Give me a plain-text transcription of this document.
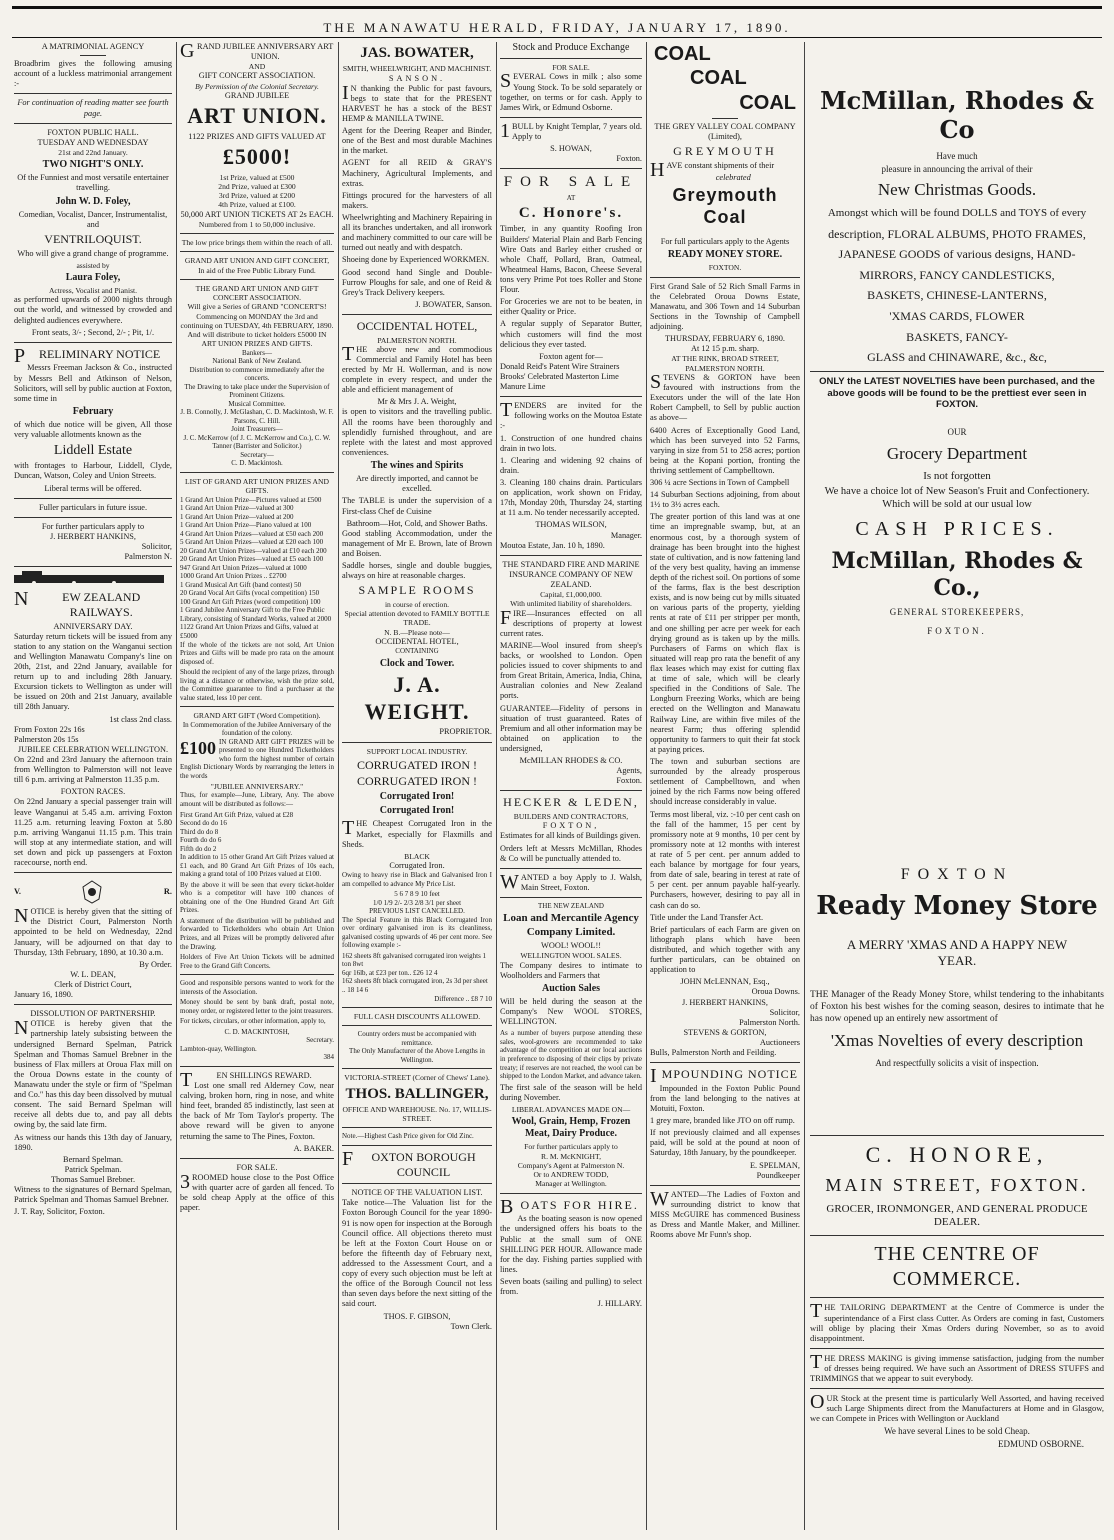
THE MANAWATU HERALD, FRIDAY, JANUARY 17, 1890.
A MATRIMONIAL AGENCY

Broadbrim gives the following amusing account of a luckless matrimonial arrangement :-

For continuation of reading matter see fourth page.

FOXTON PUBLIC HALL.
TUESDAY AND WEDNESDAY
21st and 22nd January.
TWO NIGHT'S ONLY.

Of the Funniest and most versatile entertainer travelling.

John W. D. Foley,

Comedian, Vocalist, Dancer, Instrumentalist, and

VENTRILOQUIST.

Who will give a grand change of programme.

assisted by
Laura Foley,
Actress, Vocalist and Pianist.

as performed upwards of 2000 nights through out the world, and witnessed by crowded and delighted audiences everywhere.

Front seats, 3/- ; Second, 2/- ; Pit, 1/.
PRELIMINARY NOTICE

Messrs Freeman Jackson & Co., instructed by Messrs Bell and Atkinson of Nelson, Solicitors, will sell by public auction at Foxton, some time in

February

of which due notice will be given, All those very valuable allotments known as the

Liddell Estate

with frontages to Harbour, Liddell, Clyde, Duncan, Watson, Coley and Union Streets.

Liberal terms will be offered.
Fuller particulars in future issue.
For further particulars apply to
J. HERBERT HANKINS,
Solicitor,
Palmerston N.
NEW ZEALAND RAILWAYS.
ANNIVERSARY DAY.

Saturday return tickets will be issued from any station to any station on the Wanganui section and Wellington Manawatu Company's line on 20th, 21st, and 22nd January, available for return up to and including 28th January. Excursion tickets to Wellington as under will be issued on 20th and 21st January, available till 28th January.

1st class 2nd class.
From Foxton 22s 16s
Palmerston 20s 15s
JUBILEE CELEBRATION WELLINGTON.

On 22nd and 23rd January the afternoon train from Wellington to Palmerston will not leave till 6 p.m. arriving at Palmerston 11.35 p.m.

FOXTON RACES.

On 22nd January a special passenger train will leave Wanganui at 5.45 a.m. arriving Foxton 11.25 a.m. returning leaving Foxton at 5.80 p.m. arriving Wanganui 11.15 p.m. This train will stop at any intermediate station, and will set down and pick up passengers at Foxton racecourse, north end.

V.	R.

NOTICE is hereby given that the sitting of the District Court, Palmerston North appointed to be held on Wednesday, 22nd January, will be adjourned on that day to Thursday, 13th February, 1890, at 10.30 a.m.

By Order.
W. L. DEAN,
Clerk of District Court,
January 16, 1890.
DISSOLUTION OF PARTNERSHIP.

NOTICE is hereby given that the partnership lately subsisting between the undersigned Bernard Spelman, Patrick Spelman and Thomas Samuel Brebner in the business of Flax millers at Oroua Flax mill on the Oroua Downs estate in the county of Manawatu under the style or firm of "Spelman and Co." has this day been dissolved by mutual consent. The said Bernard Spelman will receive all debts due to, and pay all debts owing by, the said late firm.

As witness our hands this 13th day of January, 1890.

Bernard Spelman.
Patrick Spelman.
Thomas Samuel Brebner.

Witness to the signatures of Bernard Spelman, Patrick Spelman and Thomas Samuel Brebner.

J. T. Ray, Solicitor, Foxton.
GRAND JUBILEE ANNIVERSARY ART UNION.
AND
GIFT CONCERT ASSOCIATION.
By Permission of the Colonial Secretary.
GRAND JUBILEE
ART UNION.
1122 PRIZES AND GIFTS VALUED AT
£5000!
1st Prize, valued at £500
2nd Prize, valued at £300
3rd Prize, valued at £200
4th Prize, valued at £100.
50,000 ART UNION TICKETS AT 2s EACH.
Numbered from 1 to 50,000 inclusive.
The low price brings them within the reach of all.
GRAND ART UNION AND GIFT CONCERT,
In aid of the Free Public Library Fund.
THE GRAND ART UNION AND GIFT CONCERT ASSOCIATION.
Will give a Series of GRAND "CONCERT'S!
Commencing on MONDAY the 3rd and continuing on TUESDAY, 4th FEBRUARY, 1890.
And will distribute to ticket holders £5000 IN ART UNION PRIZES AND GIFTS.
Bankers—
National Bank of New Zealand.
Distribution to commence immediately after the concerts.
The Drawing to take place under the Supervision of Prominent Citizens.
Musical Committee.
J. B. Connolly, J. McGlashan, C. D. Mackintosh, W. F. Parsons, C. Hill.
Joint Treasurers—
J. C. McKerrow (of J. C. McKerrow and Co.), C. W. Tanner (Barrister and Solicitor.)
Secretary—
C. D. Mackintosh.
LIST OF GRAND ART UNION PRIZES AND GIFTS.
1 Grand Art Union Prize—Pictures valued at £500
1 Grand Art Union Prize—valued at 300
1 Grand Art Union Prize—valued at 200
1 Grand Art Union Prize—Piano valued at 100
4 Grand Art Union Prizes—valued at £50 each 200
5 Grand Art Union Prizes—valued at £20 each 100
20 Grand Art Union Prizes—valued at £10 each 200
20 Grand Art Union Prizes—valued at £5 each 100
947 Grand Art Union Prizes—valued at 1000
1000 Grand Art Union Prizes .. £2700
1 Grand Musical Art Gift (band contest) 50
20 Grand Vocal Art Gifts (vocal competition) 150
100 Grand Art Gift Prizes (word competition) 100
1 Grand Jubilee Anniversary Gift to the Free Public Library, consisting of Standard Works, valued at 2000
1122 Grand Art Union Prizes and Gifts, valued at £5000

If the whole of the tickets are not sold, Art Union Prizes and Gifts will be made pro rata on the amount disposed of.

Should the recipient of any of the large prizes, through living at a distance or otherwise, wish the prize sold, the Committee guarantee to find a purchaser at the value stated, less 10 per cent.

GRAND ART GIFT (Word Competition).
In Commemoration of the Jubilee Anniversary of the foundation of the colony.
£100 IN GRAND ART GIFT PRIZES will be presented to one Hundred Ticketholders who form the highest number of certain English Dictionary Words by rearranging the letters in the words

"JUBILEE ANNIVERSARY."

Thus, for example—June, Library, Any. The above amount will be distributed as follows:—

First Grand Art Gift Prize, valued at £28
Second do do 16
Third do do 8
Fourth do do 6
Fifth do do 2

In addition to 15 other Grand Art Gift Prizes valued at £1 each, and 80 Grand Art Gift Prizes of 10s each, making a grand total of 100 Prizes valued at £100.

By the above it will be seen that every ticket-holder who is a competitor will have 100 chances of obtaining one of the One Hundred Grand Art Gift Prizes.

A statement of the distribution will be published and forwarded to Ticketholders who obtain Art Union Prizes, and all Prizes will be promptly delivered after the Drawing.

Holders of Five Art Union Tickets will be admitted Free to the Grand Gift Concerts.

Good and responsible persons wanted to work for the interests of the Association.

Money should be sent by bank draft, postal note, money order, or registered letter to the joint treasurers.

For tickets, circulars, or other information, apply to,

C. D. MACKINTOSH,
Secretary.
Lambton-quay, Wellington.
384
TEN SHILLINGS REWARD.

Lost one small red Alderney Cow, near calving, broken horn, ring in nose, and white hind feet, branded 85 indistinctly, last seen at the back of Mr Tom Taylor's property. The above reward will be given to anyone returning the same to The Pines, Foxton.

A. BAKER.
FOR SALE.

3ROOMED house close to the Post Office with quarter acre of garden all fenced. To be sold cheap Apply at the office of this paper.

JAS. BOWATER,
SMITH, WHEELWRIGHT, AND MACHINIST.
SANSON.

IN thanking the Public for past favours, begs to state that for the PRESENT HARVEST he has a stock of the BEST HEMP & MANILLA TWINE.

Agent for the Deering Reaper and Binder, one of the Best and most durable Machines in the market.

AGENT for all REID & GRAY'S Machinery, Agricultural Implements, and extras.

Fittings procured for the harvesters of all makers.

Wheelwrighting and Machinery Repairing in all its branches undertaken, and all ironwork and machinery committed to our care will be turned out neatly and with despatch.

Shoeing done by Experienced WORKMEN.

Good second hand Single and Double-Furrow Ploughs for sale, and one of Reid & Grey's Track Delivery keepers.

J. BOWATER, Sanson.
OCCIDENTAL HOTEL,
PALMERSTON NORTH.

THE above new and commodious Commercial and Family Hotel has been erected by Mr H. Wollerman, and is now complete in every respect, and under the able and efficient management of

Mr & Mrs J. A. Weight,

is open to visitors and the travelling public. All the rooms have been thoroughly and splendidly furnished throughout, and are replete with the latest and most approved conveniences.

The wines and Spirits

Are directly imported, and cannot be excelled.

The TABLE is under the supervision of a First-class Chef de Cuisine

Bathroom—Hot, Cold, and Shower Baths.

Good stabling Accommodation, under the management of Mr E. Brown, late of Brown and Boisen.

Saddle horses, single and double buggies, always on hire at reasonable charges.

SAMPLE ROOMS
in course of erection.
Special attention devoted to FAMILY BOTTLE TRADE.
N. B.—Please note—
OCCIDENTAL HOTEL,
CONTAINING
Clock and Tower.
J. A. WEIGHT.
PROPRIETOR.
SUPPORT LOCAL INDUSTRY.
CORRUGATED IRON !
CORRUGATED IRON !
Corrugated Iron!
Corrugated Iron!

THE Cheapest Corrugated Iron in the Market, especially for Flaxmills and Sheds.

BLACK
Corrugated Iron.

Owing to heavy rise in Black and Galvanised Iron I am compelled to advance My Price List.

5 6 7 8 9 10 feet
1/0 1/9 2/- 2/3 2/8 3/1 per sheet
PREVIOUS LIST CANCELLED.

The Special Feature in this Black Corrugated Iron over ordinary galvanised iron is its cleanliness, galvanised costing upwards of 46 per cent more. See following example :-

162 sheets 8ft galvanised corrugated iron weights 1 ton 8wt
6qr 16lb, at £23 per ton.. £26 12 4
162 sheets 8ft black corrugated iron, 2s 3d per sheet .. 18 14 6
Difference .. £8 7 10
FULL CASH DISCOUNTS ALLOWED.
Country orders must be accompanied with remittance.
The Only Manufacturer of the Above Lengths in Wellington.
VICTORIA-STREET (Corner of Chews' Lane).
THOS. BALLINGER,
OFFICE AND WAREHOUSE. No. 17, WILLIS-STREET.

Note.—Highest Cash Price given for Old Zinc.

FOXTON BOROUGH COUNCIL
NOTICE OF THE VALUATION LIST.

Take notice—The Valuation list for the Foxton Borough Council for the year 1890-91 is now open for inspection at the Borough Council office. All objections thereto must be left at the Foxton Court House on or before the fifteenth day of February next, addressed to the Assessment Court, and a copy of every such objection must be left at the office of the Borough Council not less than seven days before the next sitting of the said court.

THOS. F. GIBSON,
Town Clerk.
Stock and Produce Exchange
FOR SALE.

SEVERAL Cows in milk ; also some Young Stock. To be sold separately or together, on terms or for cash. Apply to James Wirk, or Edmund Osborne.

1BULL by Knight Templar, 7 years old. Apply to

S. HOWAN,
Foxton.
FOR SALE
AT
C. Honore's.

Timber, in any quantity Roofing Iron Builders' Material Plain and Barb Fencing Wire Oats and Barley either crushed or whole Chaff, Pollard, Bran, Oatmeal, Wheatmeal Hams, Bacon, Cheese Several tons very Prime Pot toes Roller and Stone Flour.

For Groceries we are not to be beaten, in either Quality or Price.

A regular supply of Separator Butter, which customers will find the most delicious they ever tasted.

Foxton agent for—
Donald Reid's Patent Wire Strainers
Brooks' Celebrated Masterton Lime
Manure Lime

TENDERS are invited for the following works on the Moutoa Estate :-

1. Construction of one hundred chains drain in two lots.

1. Clearing and widening 92 chains of drain.

3. Cleaning 180 chains drain. Particulars on application, work shown on Friday, 17th, Monday 20th, Thursday 24, starting at 11 a.m. No tender necessarily accepted.

THOMAS WILSON,
Manager.
Moutoa Estate, Jan. 10 h, 1890.
THE STANDARD FIRE AND MARINE INSURANCE COMPANY OF NEW ZEALAND.
Capital, £1,000,000.
With unlimited liability of shareholders.

FIRE—Insurances effected on all descriptions of property at lowest current rates.

MARINE—Wool insured from sheep's backs, or woolshed to London. Open policies issued to cover shipments to and from Great Britain, America, India, China, Australian colonies and New Zealand ports.

GUARANTEE—Fidelity of persons in situation of trust guaranteed. Rates of Premium and all other information may be obtained on application to the undersigned,

McMILLAN RHODES & CO.
Agents,
Foxton.
HECKER & LEDEN,
BUILDERS AND CONTRACTORS,
FOXTON,

Estimates for all kinds of Buildings given.

Orders left at Messrs McMillan, Rhodes & Co will be punctually attended to.

WANTED a boy Apply to J. Walsh, Main Street, Foxton.

THE NEW ZEALAND
Loan and Mercantile Agency Company Limited.
WOOL! WOOL!!
WELLINGTON WOOL SALES.

The Company desires to intimate to Woolholders and Farmers that

Auction Sales

Will be held during the season at the Company's New WOOL STORES, WELLINGTON.

As a number of buyers purpose attending these sales, wool-growers are recommended to take advantage of the competition at our local auctions in preference to disposing of their clips by private treaty; if reserves are not reached, the wool can be shipped to the London Market, and advance taken.

The first sale of the season will be held during November.

LIBERAL ADVANCES MADE ON—
Wool, Grain, Hemp, Frozen Meat, Dairy Produce.
For further particulars apply to
R. M. McKNIGHT,
Company's Agent at Palmerston N.
Or to ANDREW TODD,
Manager at Wellington.
BOATS FOR HIRE.

As the boating season is now opened the undersigned offers his boats to the Public at the small sum of ONE SHILLING PER HOUR. Allowance made for the day. Fishing parties supplied with lines.

Seven boats (sailing and pulling) to select from.

J. HILLARY.
COAL
COAL
COAL
THE GREY VALLEY COAL COMPANY (Limited),
GREYMOUTH

HAVE constant shipments of their

celebrated
Greymouth Coal
For full particulars apply to the Agents
READY MONEY STORE.
FOXTON.

First Grand Sale of 52 Rich Small Farms in the Celebrated Oroua Downs Estate, Manawatu, and 306 Town and 14 Suburban Sections in the Township of Campbell adjoining.

THURSDAY, FEBRUARY 6, 1890.
At 12 15 p.m. sharp.
AT THE RINK, BROAD STREET, PALMERSTON NORTH.

STEVENS & GORTON have been favoured with instructions from the Executors under the will of the late Hon Robert Campbell, to Sell by public auction as above—

6400 Acres of Exceptionally Good Land, which has been surveyed into 52 Farms, varying in size from 51 to 258 acres; portion being at the Kopani portion, fronting the thriving settlement of Campbelltown.

306 ¼ acre Sections in Town of Campbell

14 Suburban Sections adjoining, from about 1½ to 3½ acres each.

The greater portion of this land was at one time an impregnable swamp, but, at an enormous cost, by a thorough system of drainage has been brought into the highest state of cultivation, and is now fattening land of the very best quality, having an immense depth of the richest soil. On portions of some of the farms, flax is the best description exists, and is now being cut by mills situated on various parts of the property, yielding rents at rate of £11 per stripper per month, and one shilling per acre per week for each drying ground as is taken up by the mills. Purchasers of Farms on which flax is situated will reap pro rata the benefit of any flax leases which may exist for cutting flax at time of sale, which will be clearly specified in the Conditions of Sale. The Longburn Freezing Works, which are being erected on the Wellington and Manawatu Railway Line, are within five miles of the nearest Farm; thus offering splendid opportunity to farmers to quit their fat stock at paying prices.

The town and suburban sections are surrounded by the already prosperous settlement of Campbelltown, and when joined by the rich Farms now being offered should increase considerably in value.

Terms most liberal, viz. :-10 per cent cash on the fall of the hammer, 15 per cent by promissory note at 9 months, 10 per cent by promissory note at 12 months with interest at rate of 5 per cent. per annum added to each balance by mortgage for four years, from date of sale, bearing in terest at rate of 5 per cent. per annum payable half-yearly. Purchasers, however, desiring to pay all in cash can do so.

Title under the Land Transfer Act.

Brief particulars of each Farm are given on lithograph plans which have been distributed, and which together with any further particulars, can be obtained on application to

JOHN McLENNAN, Esq.,
Oroua Downs.
J. HERBERT HANKINS,
Solicitor,
Palmerston North.
STEVENS & GORTON,
Auctioneers
Bulls, Palmerston North and Feilding.
IMPOUNDING NOTICE

Impounded in the Foxton Public Pound from the land belonging to the natives at Motuiti, Foxton.

1 grey mare, branded like JTO on off rump.

If not previously claimed and all expenses paid, will be sold at the pound at noon of Saturday, 18th January, by the poundkeeper.

E. SPELMAN,
Poundkeeper

WANTED—The Ladies of Foxton and surrounding district to know that MISS McGUIRE has commenced Business as Dress and Mantle Maker, and Milliner. Rooms above Mr Funn's shop.

McMillan, Rhodes & Co

Have much

pleasure in announcing the arrival of their

New Christmas Goods.
Amongst which will be found DOLLS and TOYS of every
description, FLORAL ALBUMS, PHOTO FRAMES,
JAPANESE GOODS of various designs, HAND-
MIRRORS, FANCY CANDLESTICKS,
BASKETS, CHINESE-LANTERNS,
'XMAS CARDS, FLOWER
BASKETS, FANCY-
GLASS and CHINAWARE, &c., &c,

ONLY the LATEST NOVELTIES have been purchased, and the above goods will be found to be the prettiest ever seen in FOXTON.

OUR

Grocery Department

Is not forgotten

We have a choice lot of New Season's Fruit and Confectionery. Which will be sold at our usual low

CASH PRICES.
McMillan, Rhodes & Co.,

GENERAL STOREKEEPERS,

FOXTON.

FOXTON
Ready Money Store
A MERRY 'XMAS AND A HAPPY NEW YEAR.

THE Manager of the Ready Money Store, whilst tendering to the inhabitants of Foxton his best wishes for the coming season, desires to intimate that he has now opened up an entirely new assortment of

'Xmas Novelties of every description

And respectfully solicits a visit of inspection.

C. HONORE,
MAIN STREET, FOXTON.
GROCER, IRONMONGER, AND GENERAL PRODUCE DEALER.
THE CENTRE OF COMMERCE.

THE TAILORING DEPARTMENT at the Centre of Commerce is under the superintendance of a First class Cutter. As Orders are coming in fast, Customers will oblige by placing their Xmas Orders during November, so as to avoid disappointment.

THE DRESS MAKING is giving immense satisfaction, judging from the number of dresses being required. We have such an Assortment of DRESS STUFFS and TRIMMINGS that we appear to suit everybody.

OUR Stock at the present time is particularly Well Assorted, and having received such Large Shipments direct from the Manufacturers at Home and in Glasgow, we can Compete in Prices with Wellington or Auckland

We have several Lines to be sold Cheap.

EDMUND OSBORNE.
